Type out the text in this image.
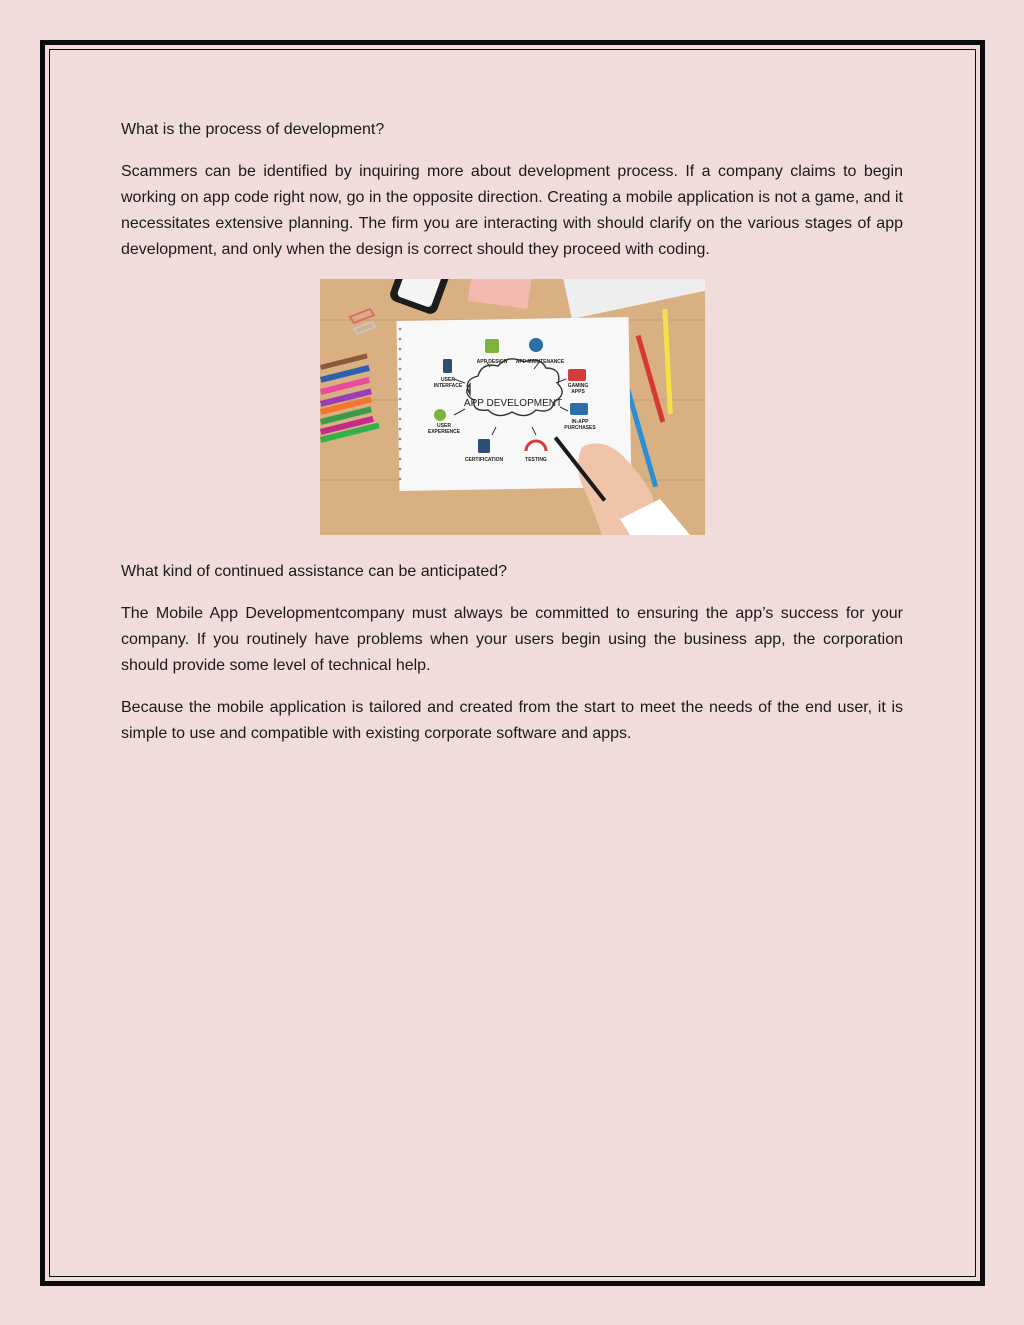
What is the process of development?

Scammers can be identified by inquiring more about development process. If a company claims to begin working on app code right now, go in the opposite direction. Creating a mobile application is not a game, and it necessitates extensive planning. The firm you are interacting with should clarify on the various stages of app development, and only when the design is correct should they proceed with coding.

APP DEVELOPMENT
APP DESIGN APP MAINTENANCE
USER
INTERFACE	GAMING
APPS
USER
EXPERIENCE
IN-APP
PURCHASES
CERTIFICATION	TESTING

What kind of continued assistance can be anticipated?

The Mobile App Developmentcompany must always be committed to ensuring the app’s success for your company. If you routinely have problems when your users begin using the business app, the corporation should provide some level of technical help.

Because the mobile application is tailored and created from the start to meet the needs of the end user, it is simple to use and compatible with existing corporate software and apps.
